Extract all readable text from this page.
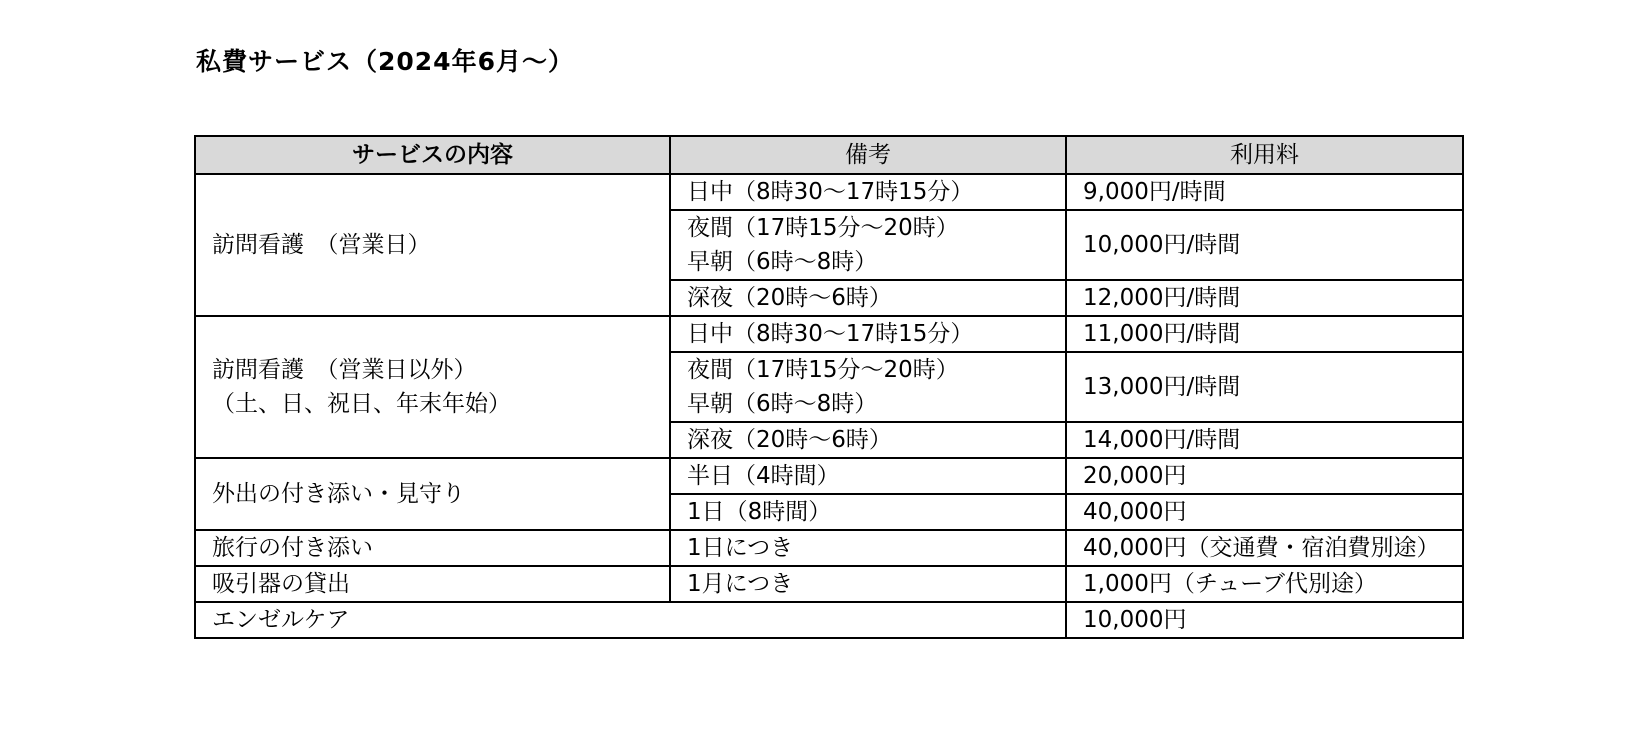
私費サービス（2024年6月～）
サービスの内容	備考	利用料

訪問看護　（営業日）	日中（8時30～17時15分）	9,000円/時間

	夜間（17時15分～20時）
早朝（6時～8時）	10,000円/時間

	深夜（20時～6時）	12,000円/時間

訪問看護　（営業日以外）
（土、日、祝日、年末年始）	日中（8時30～17時15分）	11,000円/時間

	夜間（17時15分～20時）
早朝（6時～8時）	13,000円/時間

	深夜（20時～6時）	14,000円/時間

外出の付き添い・見守り	半日（4時間）	20,000円

	1日（8時間）	40,000円

旅行の付き添い	1日につき	40,000円（交通費・宿泊費別途）

吸引器の貸出	1月につき	1,000円（チューブ代別途）

エンゼルケア		10,000円
